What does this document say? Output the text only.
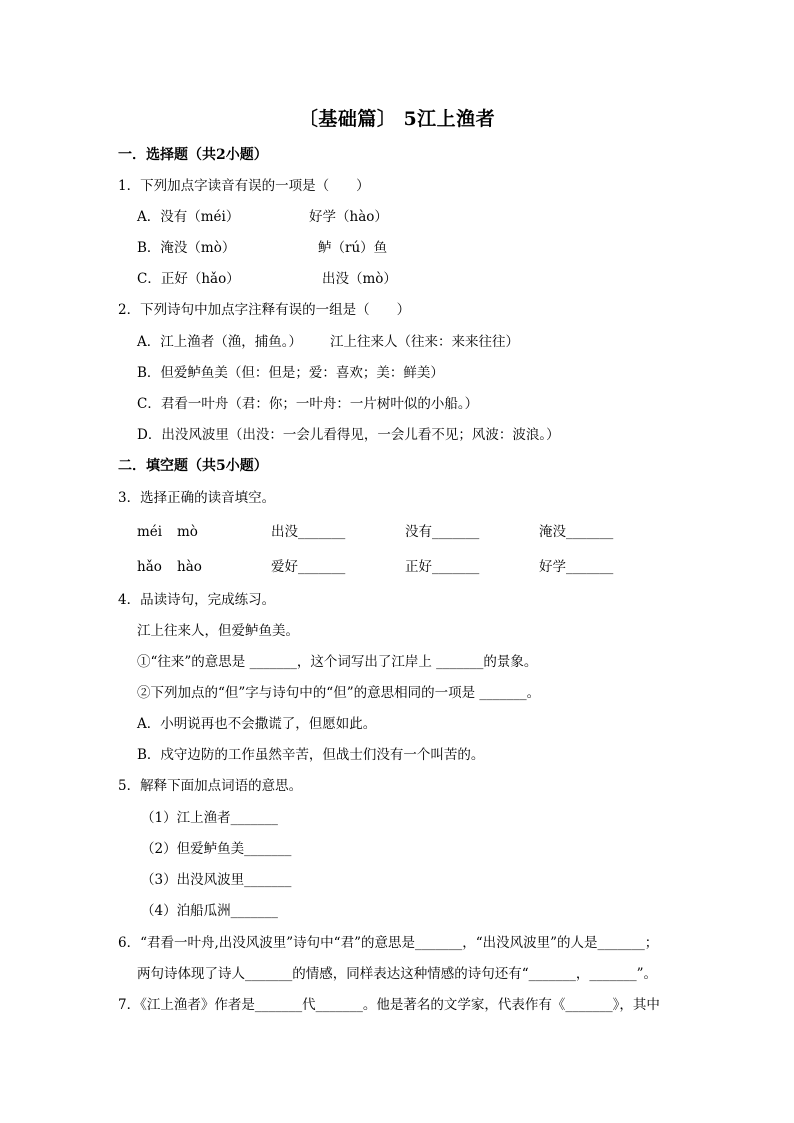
〔基础篇〕 5江上渔者
一．选择题（共2小题）
1．下列加点字读音有误的一项是（　　）
A．没有（méi）	好学（hào）
B．淹没（mò）	鲈（rú）鱼
C．正好（hǎo）	出没（mò）
2．下列诗句中加点字注释有误的一组是（　　）
A．江上渔者（渔，捕鱼。） 江上往来人（往来：来来往往）
B．但爱鲈鱼美（但：但是；爱：喜欢；美：鲜美）
C．君看一叶舟（君：你；一叶舟：一片树叶似的小船。）
D．出没风波里（出没：一会儿看得见，一会儿看不见；风波：波浪。）
二．填空题（共5小题）
3．选择正确的读音填空。
méi mò	出没_______	没有_______	淹没_______
hǎo hào	爱好_______	正好_______	好学_______
4．品读诗句，完成练习。
江上往来人，但爱鲈鱼美。
①“往来”的意思是 _______，这个词写出了江岸上 _______的景象。
②下列加点的“但”字与诗句中的“但”的意思相同的一项是 _______。
A．小明说再也不会撒谎了，但愿如此。
B．戍守边防的工作虽然辛苦，但战士们没有一个叫苦的。
5．解释下面加点词语的意思。
（1）江上渔者_______
（2）但爱鲈鱼美_______
（3）出没风波里_______
（4）泊船瓜洲_______
6．“君看一叶舟,出没风波里”诗句中“君”的意思是_______，“出没风波里”的人是_______；
两句诗体现了诗人_______的情感，同样表达这种情感的诗句还有“_______，_______”。
7．《江上渔者》作者是_______代_______。他是著名的文学家，代表作有《_______》，其中
